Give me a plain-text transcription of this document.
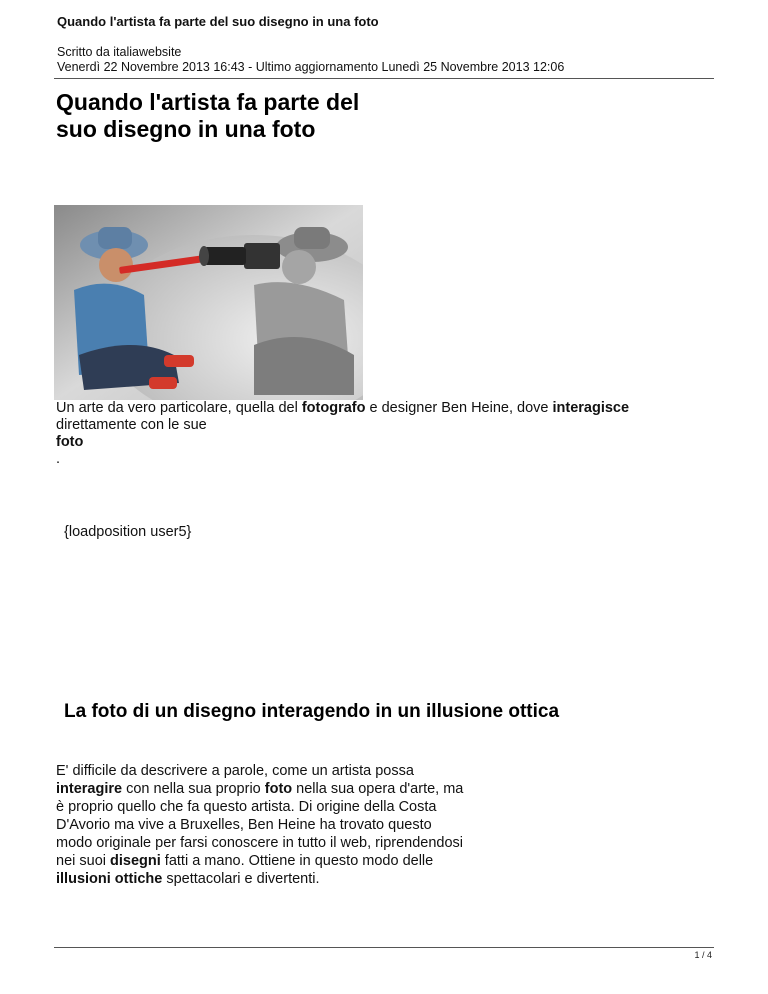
Quando l'artista fa parte del suo disegno in una foto
Scritto da italiawebsite
Venerdì 22 Novembre 2013 16:43 - Ultimo aggiornamento Lunedì 25 Novembre 2013 12:06
Quando l'artista fa parte del
suo disegno in una foto

Un arte da vero particolare, quella del fotografo e designer Ben Heine, dove interagisce
direttamente con le sue
foto
.

{loadposition user5}
La foto di un disegno interagendo in un illusione ottica

E' difficile da descrivere a parole, come un artista possa
interagire con nella sua proprio foto nella sua opera d'arte, ma
è proprio quello che fa questo artista. Di origine della Costa
D'Avorio ma vive a Bruxelles, Ben Heine ha trovato questo
modo originale per farsi conoscere in tutto il web, riprendendosi
nei suoi disegni fatti a mano. Ottiene in questo modo delle
illusioni ottiche spettacolari e divertenti.

1 / 4
